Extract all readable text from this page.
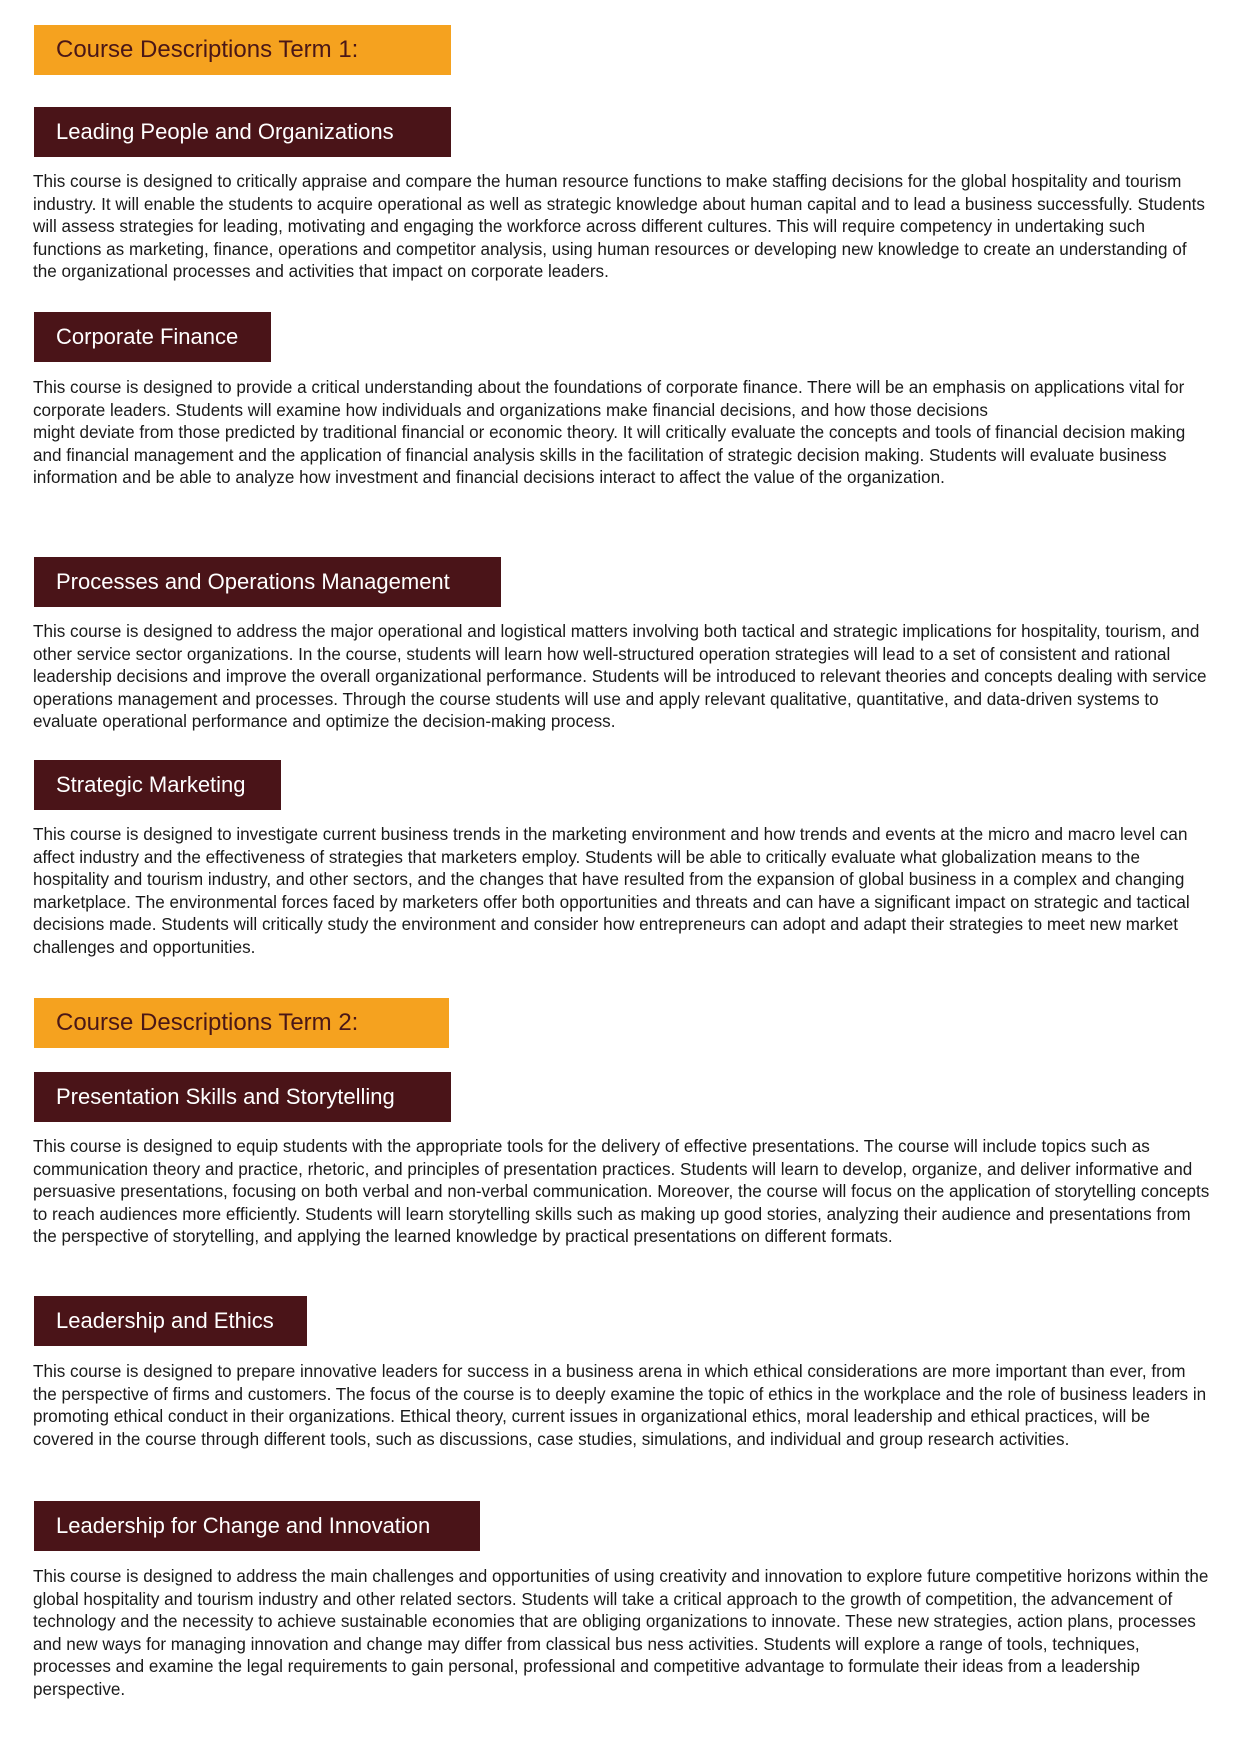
Course Descriptions Term 1:
Leading People and Organizations

This course is designed to critically appraise and compare the human resource functions to make staffing decisions for the global hospitality and tourism industry. It will enable the students to acquire operational as well as strategic knowledge about human capital and to lead a business successfully. Students will assess strategies for leading, motivating and engaging the workforce across different cultures. This will require competency in undertaking such functions as marketing, finance, operations and competitor analysis, using human resources or developing new knowledge to create an understanding of the organizational processes and activities that impact on corporate leaders.

Corporate Finance
This course is designed to provide a critical understanding about the foundations of corporate finance. There will be an emphasis on applications vital for corporate leaders. Students will examine how individuals and organizations make financial decisions, and how those decisions
might deviate from those predicted by traditional financial or economic theory. It will critically evaluate the concepts and tools of financial decision making and financial management and the application of financial analysis skills in the facilitation of strategic decision making. Students will evaluate business information and be able to analyze how investment and financial decisions interact to affect the value of the organization.
Processes and Operations Management

This course is designed to address the major operational and logistical matters involving both tactical and strategic implications for hospitality, tourism, and other service sector organizations. In the course, students will learn how well-structured operation strategies will lead to a set of consistent and rational leadership decisions and improve the overall organizational performance. Students will be introduced to relevant theories and concepts dealing with service operations management and processes. Through the course students will use and apply relevant qualitative, quantitative, and data-driven systems to evaluate operational performance and optimize the decision-making process.

Strategic Marketing

This course is designed to investigate current business trends in the marketing environment and how trends and events at the micro and macro level can affect industry and the effectiveness of strategies that marketers employ. Students will be able to critically evaluate what globalization means to the hospitality and tourism industry, and other sectors, and the changes that have resulted from the expansion of global business in a complex and changing marketplace. The environmental forces faced by marketers offer both opportunities and threats and can have a significant impact on strategic and tactical decisions made. Students will critically study the environment and consider how entrepreneurs can adopt and adapt their strategies to meet new market challenges and opportunities.

Course Descriptions Term 2:
Presentation Skills and Storytelling

This course is designed to equip students with the appropriate tools for the delivery of effective presentations. The course will include topics such as communication theory and practice, rhetoric, and principles of presentation practices. Students will learn to develop, organize, and deliver informative and persuasive presentations, focusing on both verbal and non-verbal communication. Moreover, the course will focus on the application of storytelling concepts to reach audiences more efficiently. Students will learn storytelling skills such as making up good stories, analyzing their audience and presentations from the perspective of storytelling, and applying the learned knowledge by practical presentations on different formats.

Leadership and Ethics

This course is designed to prepare innovative leaders for success in a business arena in which ethical considerations are more important than ever, from the perspective of firms and customers. The focus of the course is to deeply examine the topic of ethics in the workplace and the role of business leaders in promoting ethical conduct in their organizations. Ethical theory, current issues in organizational ethics, moral leadership and ethical practices, will be covered in the course through different tools, such as discussions, case studies, simulations, and individual and group research activities.

Leadership for Change and Innovation

This course is designed to address the main challenges and opportunities of using creativity and innovation to explore future competitive horizons within the global hospitality and tourism industry and other related sectors. Students will take a critical approach to the growth of competition, the advancement of technology and the necessity to achieve sustainable economies that are obliging organizations to innovate. These new strategies, action plans, processes and new ways for managing innovation and change may differ from classical bus ness activities. Students will explore a range of tools, techniques, processes and examine the legal requirements to gain personal, professional and competitive advantage to formulate their ideas from a leadership perspective.
